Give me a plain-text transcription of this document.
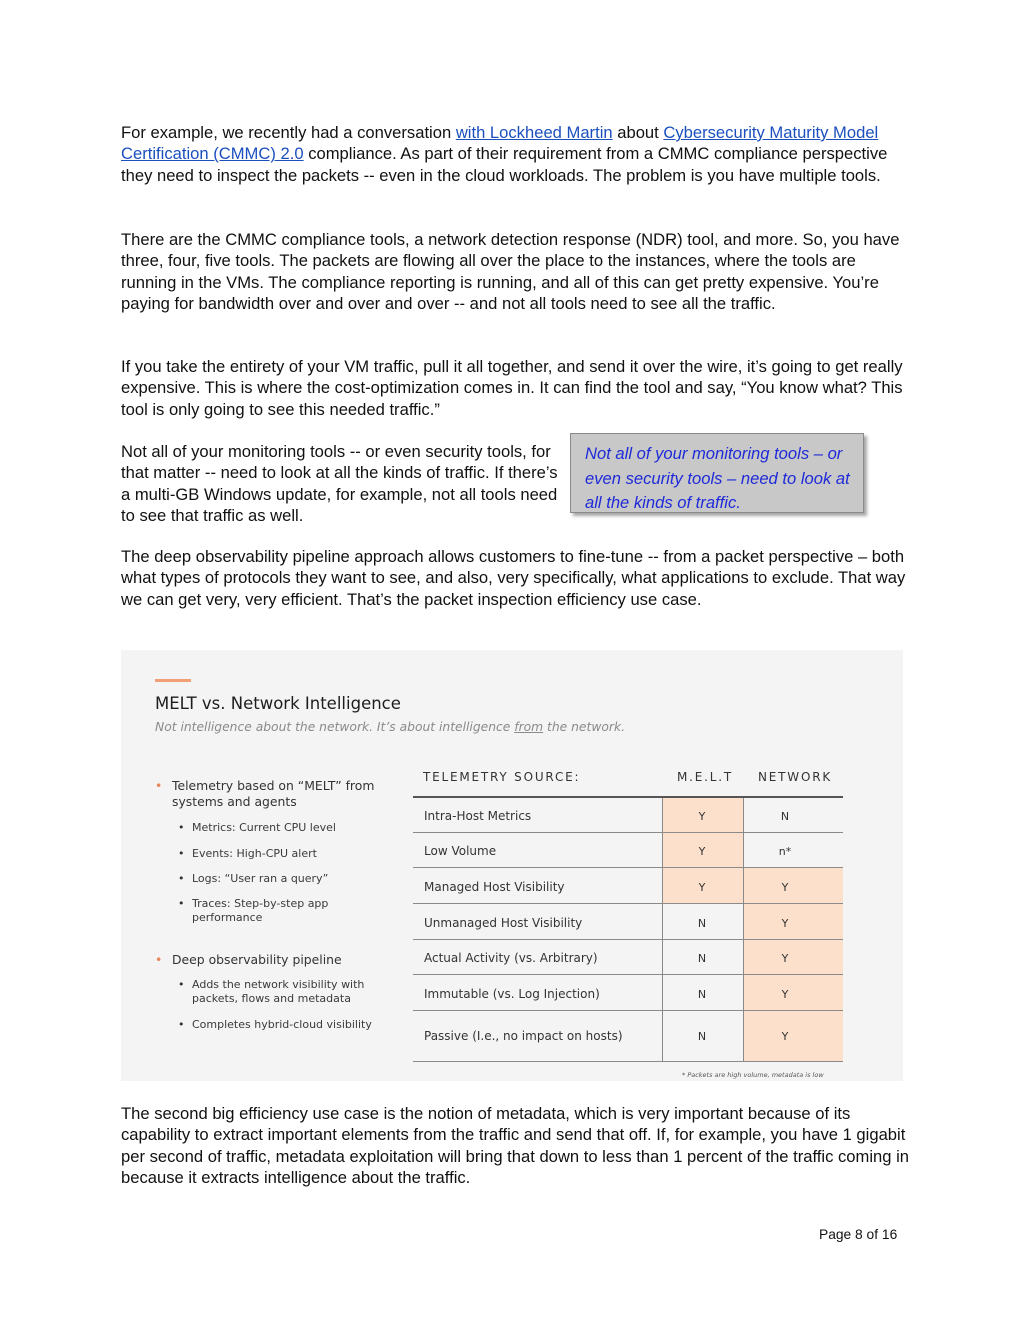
For example, we recently had a conversation with Lockheed Martin about Cybersecurity Maturity Model Certification (CMMC) 2.0 compliance. As part of their requirement from a CMMC compliance perspective they need to inspect the packets -- even in the cloud workloads. The problem is you have multiple tools.

There are the CMMC compliance tools, a network detection response (NDR) tool, and more. So, you have three, four, five tools. The packets are flowing all over the place to the instances, where the tools are running in the VMs. The compliance reporting is running, and all of this can get pretty expensive. You’re paying for bandwidth over and over and over -- and not all tools need to see all the traffic.

If you take the entirety of your VM traffic, pull it all together, and send it over the wire, it’s going to get really expensive. This is where the cost-optimization comes in. It can find the tool and say, “You know what? This tool is only going to see this needed traffic.”

Not all of your monitoring tools -- or even security tools, for that matter -- need to look at all the kinds of traffic. If there’s a multi-GB Windows update, for example, not all tools need to see that traffic as well.

Not all of your monitoring tools – or even security tools – need to look at all the kinds of traffic.

The deep observability pipeline approach allows customers to fine-tune -- from a packet perspective – both what types of protocols they want to see, and also, very specifically, what applications to exclude. That way we can get very, very efficient. That’s the packet inspection efficiency use case.

MELT vs. Network Intelligence
Not intelligence about the network. It’s about intelligence from the network.
• Telemetry based on “MELT” from systems and agents
• Metrics: Current CPU level
• Events: High-CPU alert
• Logs: “User ran a query”
• Traces: Step-by-step app performance
• Deep observability pipeline
• Adds the network visibility with packets, flows and metadata
• Completes hybrid-cloud visibility
TELEMETRY SOURCE:	M.E.L.T NETWORK
Intra-Host Metrics	Y	N
Low Volume	Y	n*
Managed Host Visibility	Y	Y
Unmanaged Host Visibility	N	Y
Actual Activity (vs. Arbitrary)	N	Y
Immutable (vs. Log Injection)	N	Y
Passive (I.e., no impact on hosts)	N	Y
* Packets are high volume, metadata is low

The second big efficiency use case is the notion of metadata, which is very important because of its capability to extract important elements from the traffic and send that off. If, for example, you have 1 gigabit per second of traffic, metadata exploitation will bring that down to less than 1 percent of the traffic coming in because it extracts intelligence about the traffic.

Page 8 of 16
